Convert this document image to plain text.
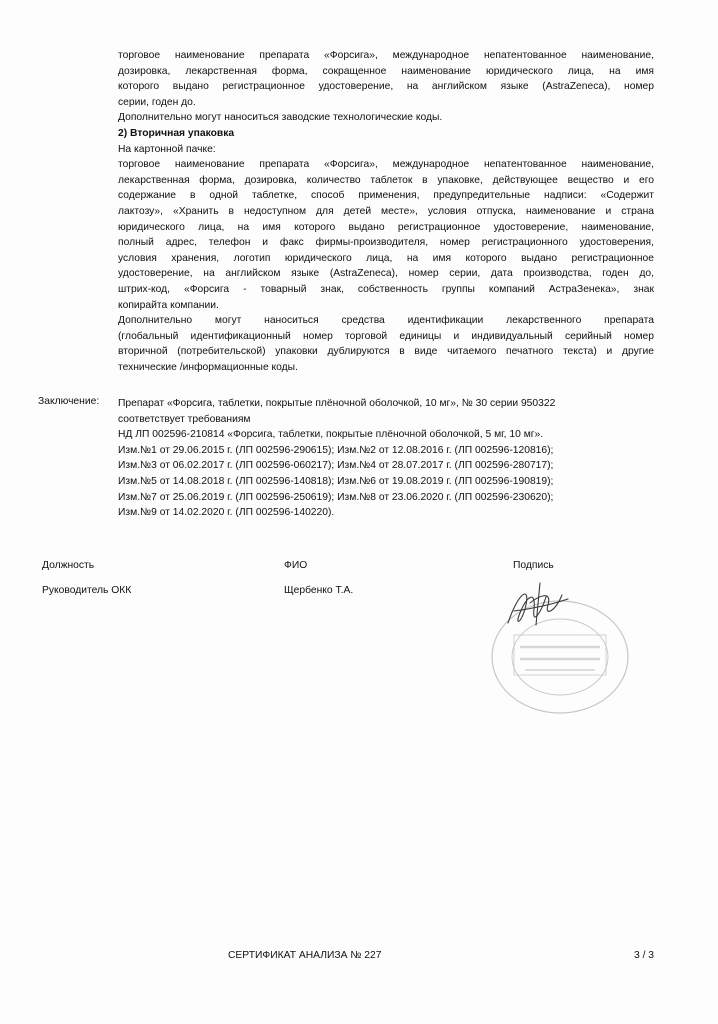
торговое наименование препарата «Форсига», международное непатентованное наименование,
дозировка, лекарственная форма, сокращенное наименование юридического лица, на имя
которого выдано регистрационное удостоверение, на английском языке (AstraZeneca), номер
серии, годен до.
Дополнительно могут наноситься заводские технологические коды.
2) Вторичная упаковка
На картонной пачке:
торговое наименование препарата «Форсига», международное непатентованное наименование,
лекарственная форма, дозировка, количество таблеток в упаковке, действующее вещество и его
содержание в одной таблетке, способ применения, предупредительные надписи: «Содержит
лактозу», «Хранить в недоступном для детей месте», условия отпуска, наименование и страна
юридического лица, на имя которого выдано регистрационное удостоверение, наименование,
полный адрес, телефон и факс фирмы-производителя, номер регистрационного удостоверения,
условия хранения, логотип юридического лица, на имя которого выдано регистрационное
удостоверение, на английском языке (AstraZeneca), номер серии, дата производства, годен до,
штрих-код, «Форсига - товарный знак, собственность группы компаний АстраЗенека», знак
копирайта компании.
Дополнительно могут наноситься средства идентификации лекарственного препарата
(глобальный идентификационный номер торговой единицы и индивидуальный серийный номер
вторичной (потребительской) упаковки дублируются в виде читаемого печатного текста) и другие
технические /информационные коды.
Заключение: Препарат «Форсига, таблетки, покрытые плёночной оболочкой, 10 мг», № 30 серии 950322
соответствует требованиям
НД ЛП 002596-210814 «Форсига, таблетки, покрытые плёночной оболочкой, 5 мг, 10 мг».
Изм.№1 от 29.06.2015 г. (ЛП 002596-290615); Изм.№2 от 12.08.2016 г. (ЛП 002596-120816);
Изм.№3 от 06.02.2017 г. (ЛП 002596-060217); Изм.№4 от 28.07.2017 г. (ЛП 002596-280717);
Изм.№5 от 14.08.2018 г. (ЛП 002596-140818); Изм.№6 от 19.08.2019 г. (ЛП 002596-190819);
Изм.№7 от 25.06.2019 г. (ЛП 002596-250619); Изм.№8 от 23.06.2020 г. (ЛП 002596-230620);
Изм.№9 от 14.02.2020 г. (ЛП 002596-140220).
Должность	ФИО	Подпись
Руководитель ОКК	Щербенко Т.А.
СЕРТИФИКАТ АНАЛИЗА № 227	3 / 3
